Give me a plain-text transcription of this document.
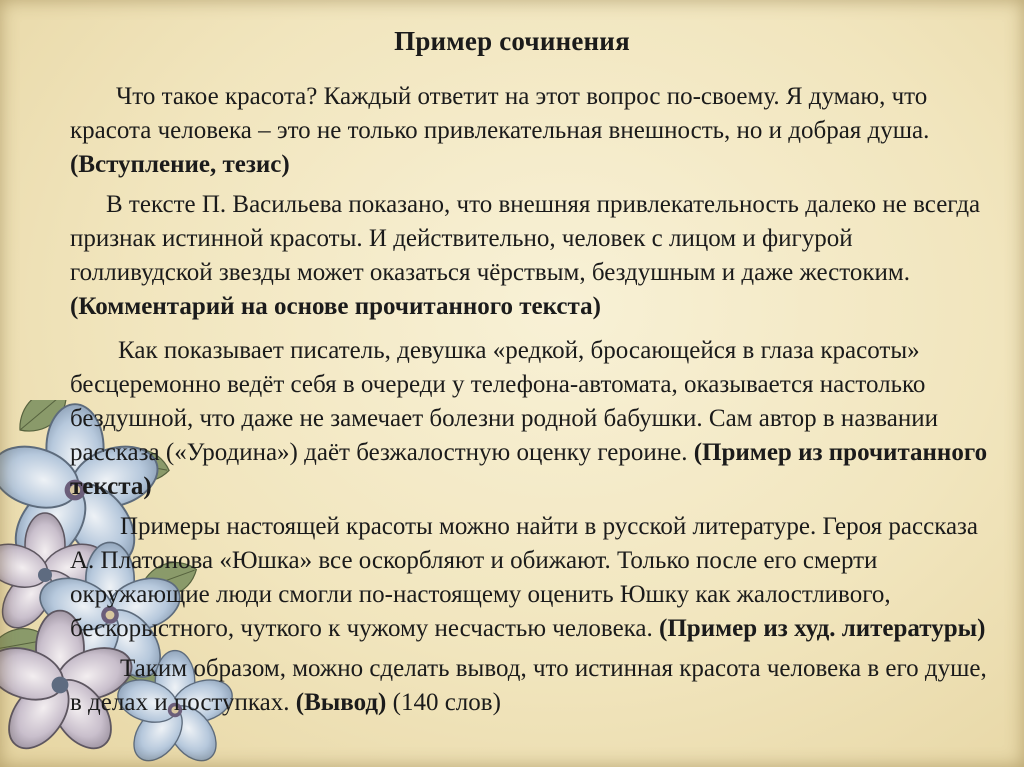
Пример сочинения

Что такое красота? Каждый ответит на этот вопрос по-своему. Я думаю, что красота человека – это не только привлекательная внешность, но и добрая душа. (Вступление, тезис)

В тексте П. Васильева показано, что внешняя привлекательность далеко не всегда признак истинной красоты. И действительно, человек с лицом и фигурой голливудской звезды может оказаться чёрствым, бездушным и даже жестоким. (Комментарий на основе прочитанного текста)

Как показывает писатель, девушка «редкой, бросающейся в глаза красоты» бесцеремонно ведёт себя в очереди у телефона-автомата, оказывается настолько бездушной, что даже не замечает болезни родной бабушки. Сам автор в названии рассказа («Уродина») даёт безжалостную оценку героине. (Пример из прочитанного текста)

Примеры настоящей красоты можно найти в русской литературе. Героя рассказа А. Платонова «Юшка» все оскорбляют и обижают. Только после его смерти окружающие люди смогли по-настоящему оценить Юшку как жалостливого, бескорыстного, чуткого к чужому несчастью человека. (Пример из худ. литературы)

Таким образом, можно сделать вывод, что истинная красота человека в его душе, в делах и поступках. (Вывод) (140 слов)
